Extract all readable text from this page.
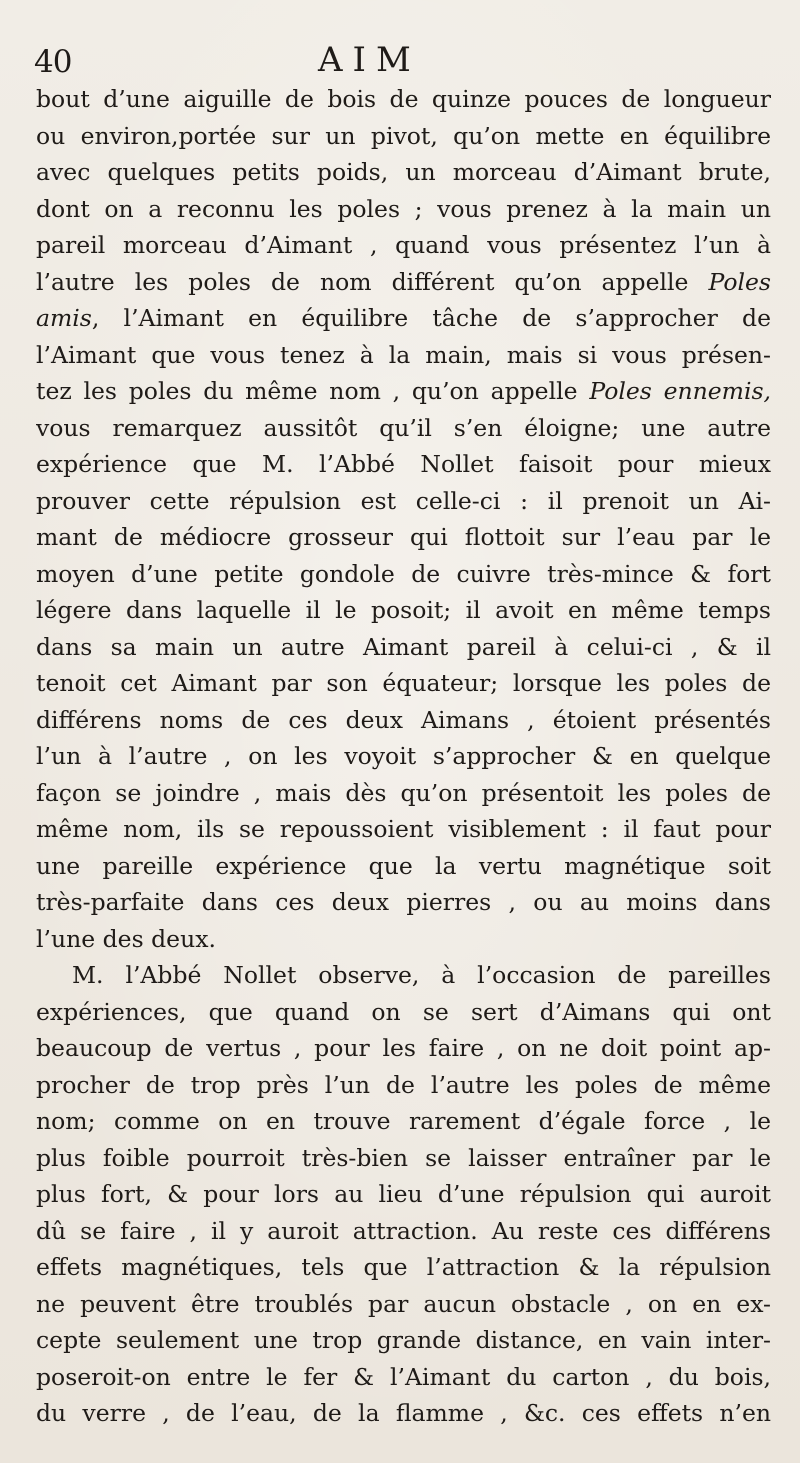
40	AIM
bout d’une aiguille de bois de quinze pouces de longueur
ou environ,portée sur un pivot, qu’on mette en équilibre
avec quelques petits poids, un morceau d’Aimant brute,
dont on a reconnu les poles ; vous prenez à la main un
pareil morceau d’Aimant , quand vous présentez l’un à
l’autre les poles de nom différent qu’on appelle Poles
amis, l’Aimant en équilibre tâche de s’approcher de
l’Aimant que vous tenez à la main, mais si vous présen-
tez les poles du même nom , qu’on appelle Poles ennemis,
vous remarquez aussitôt qu’il s’en éloigne; une autre
expérience que M. l’Abbé Nollet faisoit pour mieux
prouver cette répulsion est celle-ci : il prenoit un Ai-
mant de médiocre grosseur qui flottoit sur l’eau par le
moyen d’une petite gondole de cuivre très-mince & fort
légere dans laquelle il le posoit; il avoit en même temps
dans sa main un autre Aimant pareil à celui-ci , & il
tenoit cet Aimant par son équateur; lorsque les poles de
différens noms de ces deux Aimans , étoient présentés
l’un à l’autre , on les voyoit s’approcher & en quelque
façon se joindre , mais dès qu’on présentoit les poles de
même nom, ils se repoussoient visiblement : il faut pour
une pareille expérience que la vertu magnétique soit
très-parfaite dans ces deux pierres , ou au moins dans
l’une des deux.
M. l’Abbé Nollet observe, à l’occasion de pareilles
expériences, que quand on se sert d’Aimans qui ont
beaucoup de vertus , pour les faire , on ne doit point ap-
procher de trop près l’un de l’autre les poles de même
nom; comme on en trouve rarement d’égale force , le
plus foible pourroit très-bien se laisser entraîner par le
plus fort, & pour lors au lieu d’une répulsion qui auroit
dû se faire , il y auroit attraction. Au reste ces différens
effets magnétiques, tels que l’attraction & la répulsion
ne peuvent être troublés par aucun obstacle , on en ex-
cepte seulement une trop grande distance, en vain inter-
poseroit-on entre le fer & l’Aimant du carton , du bois,
du verre , de l’eau, de la flamme , &c. ces effets n’en
